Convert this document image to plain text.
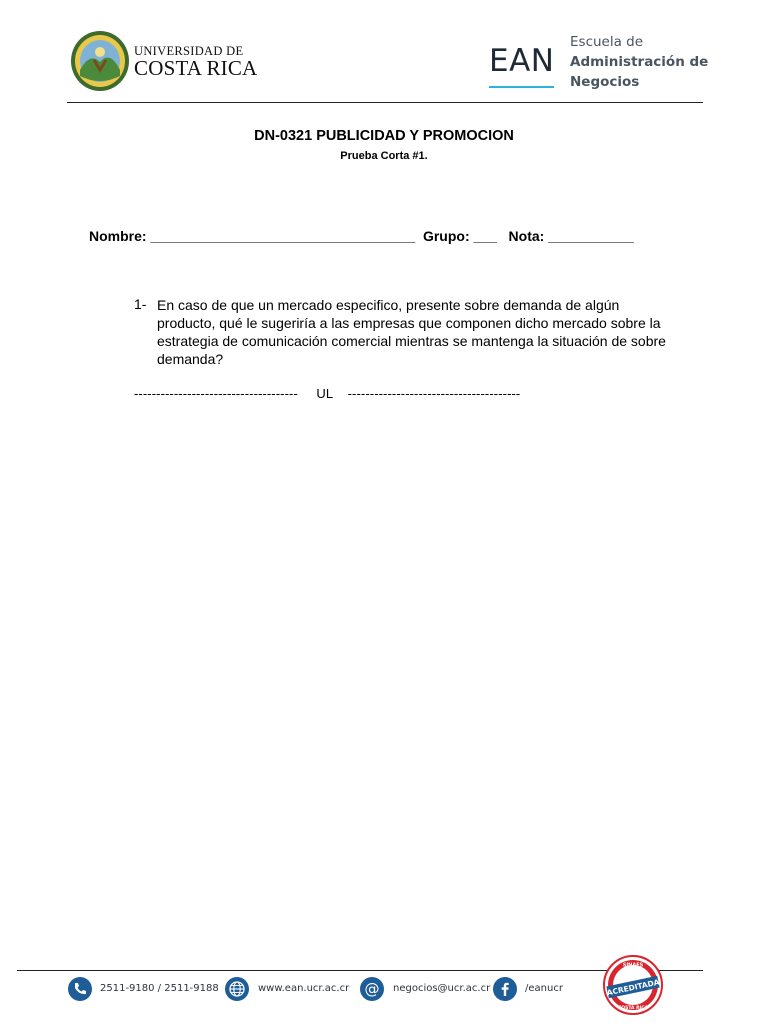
UNIVERSIDAD DE
COSTA RICA	EAN
Escuela de
Administración de
Negocios
DN-0321 PUBLICIDAD Y PROMOCION
Prueba Corta #1.
Nombre: __________________________________  Grupo: ___   Nota: ___________
1- En caso de que un mercado especifico, presente sobre demanda de algún producto, qué le sugeriría a las empresas que componen dicho mercado sobre la estrategia de comunicación comercial mientras se mantenga la situación de sobre demanda?
-------------------------------------     UL    ---------------------------------------
2511-9180 / 2511-9188	www.ean.ucr.ac.cr @ negocios@ucr.ac.cr	/eanucr
SINAES
ACREDITADA
COSTA RICA
